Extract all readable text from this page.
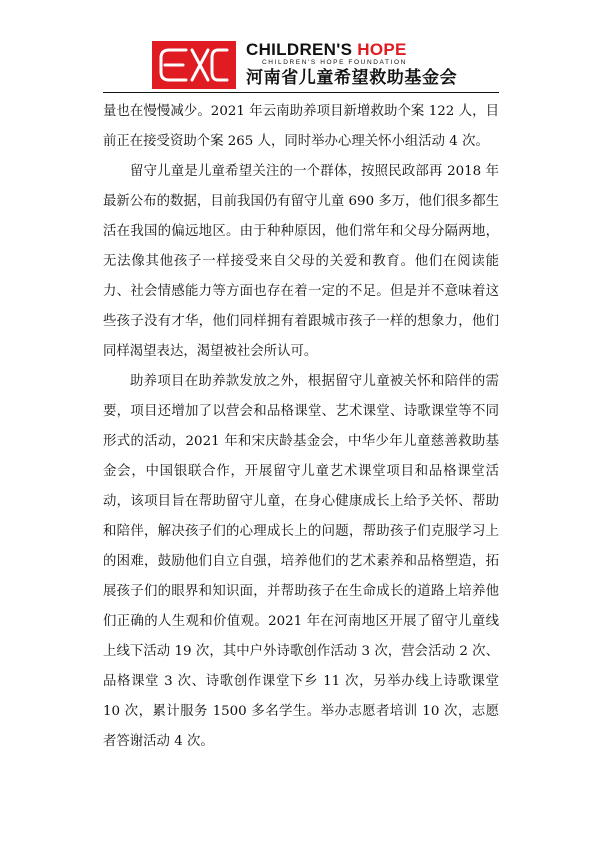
CHILDREN'S HOPE
CHILDREN'S HOPE FOUNDATION
河南省儿童希望救助基金会

量也在慢慢减少。2021 年云南助养项目新增救助个案 122 人，目前正在接受资助个案 265 人，同时举办心理关怀小组活动 4 次。

留守儿童是儿童希望关注的一个群体，按照民政部再 2018 年最新公布的数据，目前我国仍有留守儿童 690 多万，他们很多都生活在我国的偏远地区。由于种种原因，他们常年和父母分隔两地，无法像其他孩子一样接受来自父母的关爱和教育。他们在阅读能力、社会情感能力等方面也存在着一定的不足。但是并不意味着这些孩子没有才华，他们同样拥有着跟城市孩子一样的想象力，他们同样渴望表达，渴望被社会所认可。

助养项目在助养款发放之外，根据留守儿童被关怀和陪伴的需要，项目还增加了以营会和品格课堂、艺术课堂、诗歌课堂等不同形式的活动，2021 年和宋庆龄基金会，中华少年儿童慈善救助基金会，中国银联合作，开展留守儿童艺术课堂项目和品格课堂活动，该项目旨在帮助留守儿童，在身心健康成长上给予关怀、帮助和陪伴，解决孩子们的心理成长上的问题，帮助孩子们克服学习上的困难，鼓励他们自立自强，培养他们的艺术素养和品格塑造，拓展孩子们的眼界和知识面，并帮助孩子在生命成长的道路上培养他们正确的人生观和价值观。2021 年在河南地区开展了留守儿童线上线下活动 19 次，其中户外诗歌创作活动 3 次，营会活动 2 次、品格课堂 3 次、诗歌创作课堂下乡 11 次，另举办线上诗歌课堂 10 次，累计服务 1500 多名学生。举办志愿者培训 10 次，志愿者答谢活动 4 次。
